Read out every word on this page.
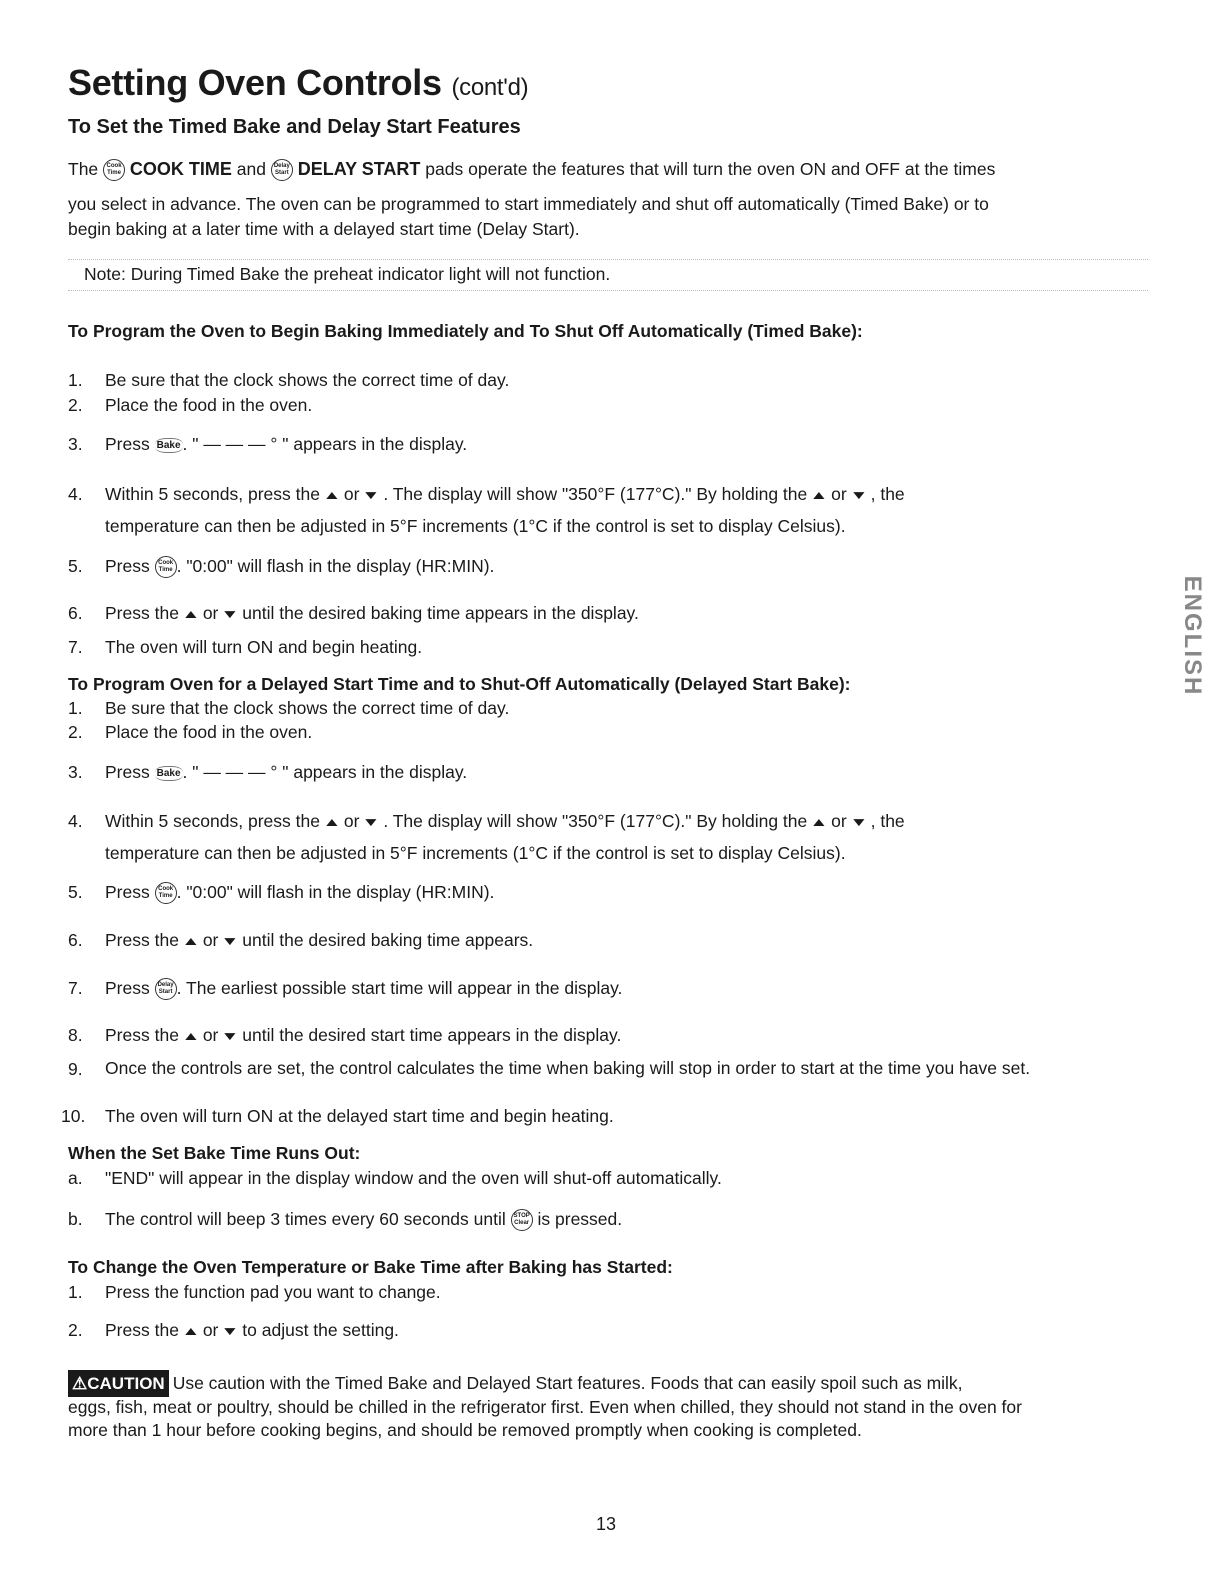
Setting Oven Controls (cont'd)
To Set the Timed Bake and Delay Start Features
The Cook
Time COOK TIME and Delay
Start DELAY START pads operate the features that will turn the oven ON and OFF at the times
you select in advance. The oven can be programmed to start immediately and shut off automatically (Timed Bake) or to
begin baking at a later time with a delayed start time (Delay Start).
Note: During Timed Bake the preheat indicator light will not function.
To Program the Oven to Begin Baking Immediately and To Shut Off Automatically (Timed Bake):
1. Be sure that the clock shows the correct time of day.
2. Place the food in the oven.
3. Press Bake . " — — — ° " appears in the display.
4. Within 5 seconds, press the ▲ or ▼ . The display will show "350°F (177°C)." By holding the ▲ or ▼ , the
temperature can then be adjusted in 5°F increments (1°C if the control is set to display Celsius).
5. Press Cook
Time . "0:00" will flash in the display (HR:MIN).
6. Press the ▲ or ▼ until the desired baking time appears in the display.
7. The oven will turn ON and begin heating.
To Program Oven for a Delayed Start Time and to Shut-Off Automatically (Delayed Start Bake):
1. Be sure that the clock shows the correct time of day.
2. Place the food in the oven.
3. Press Bake . " — — — ° " appears in the display.
4. Within 5 seconds, press the ▲ or ▼ . The display will show "350°F (177°C)." By holding the ▲ or ▼ , the
temperature can then be adjusted in 5°F increments (1°C if the control is set to display Celsius).
5. Press Cook
Time . "0:00" will flash in the display (HR:MIN).
6. Press the ▲ or ▼ until the desired baking time appears.
7. Press Delay
Start . The earliest possible start time will appear in the display.
8. Press the ▲ or ▼ until the desired start time appears in the display.
9. Once the controls are set, the control calculates the time when baking will stop in order to start at the time you have set.
10. The oven will turn ON at the delayed start time and begin heating.
When the Set Bake Time Runs Out:
a. "END" will appear in the display window and the oven will shut-off automatically.
b. The control will beep 3 times every 60 seconds until STOP
Clear is pressed.
To Change the Oven Temperature or Bake Time after Baking has Started:
1. Press the function pad you want to change.
2. Press the ▲ or ▼ to adjust the setting.
⚠CAUTION Use caution with the Timed Bake and Delayed Start features. Foods that can easily spoil such as milk,
eggs, fish, meat or poultry, should be chilled in the refrigerator first. Even when chilled, they should not stand in the oven for
more than 1 hour before cooking begins, and should be removed promptly when cooking is completed.
ENGLISH
13
